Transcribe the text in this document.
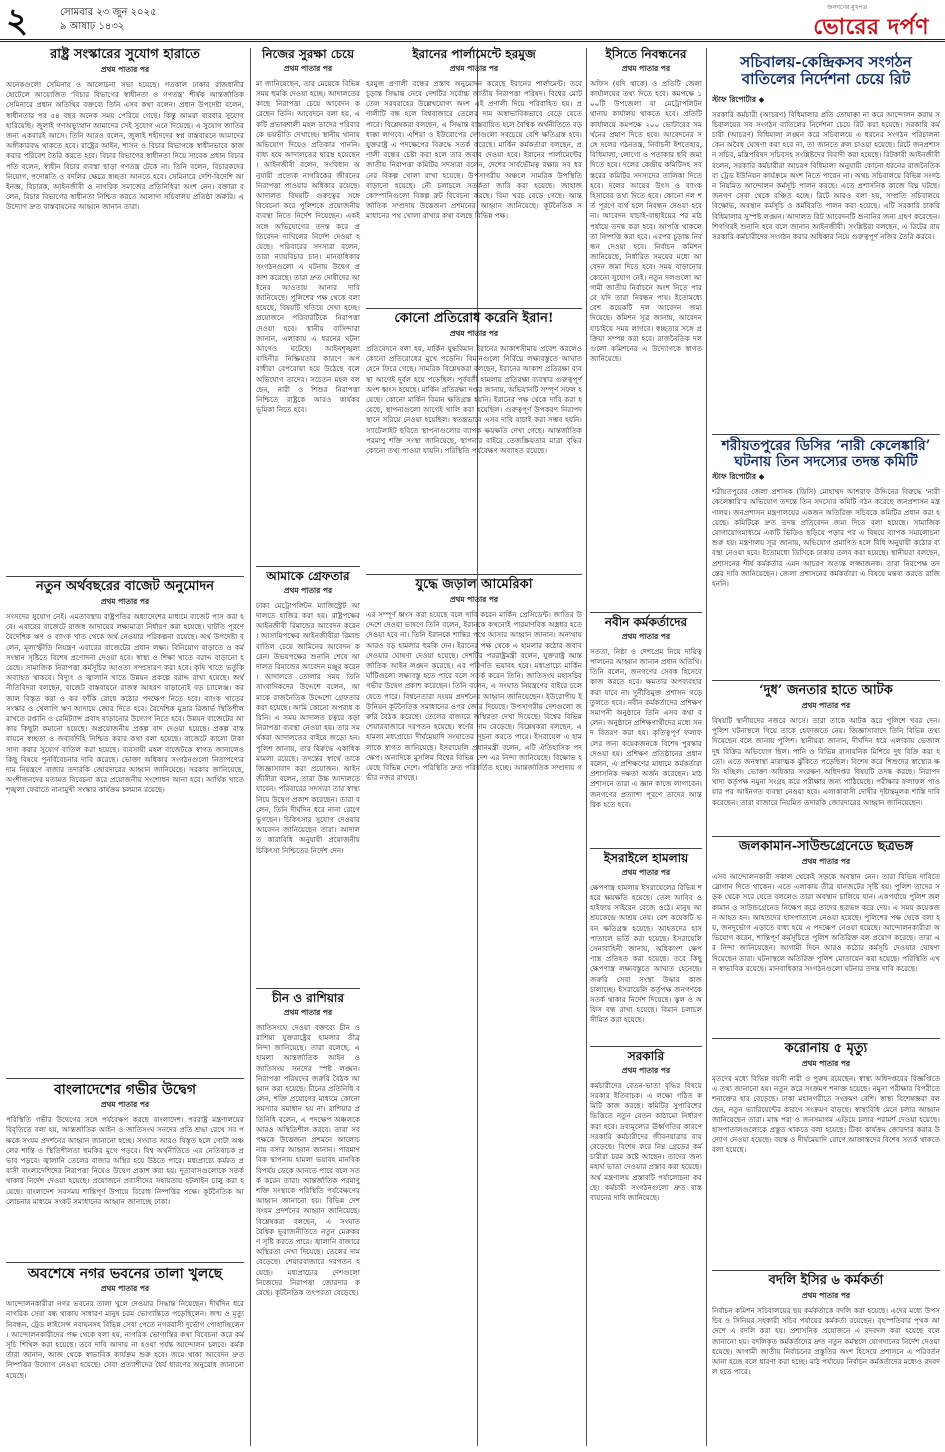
২	সোমবার ২৩ জুন ২০২৫
৯ আষাঢ় ১৪৩২
জনগণের মুখপত্র
ভোরের দর্পণ
রাষ্ট্র সংস্কারের সুযোগ হারাতে
প্রথম পাতার পর
অনেকগুলো সেমিনার ও আলোচনা সভা হয়েছে। গতকাল ঢাকার রাজধানীর হোটেলে আয়োজিত ‘বিচার বিভাগের স্বাধীনতা ও গণতন্ত্র’ শীর্ষক আন্তর্জাতিক সেমিনারে প্রধান অতিথির বক্তব্যে তিনি এসব কথা বলেন। প্রধান উপদেষ্টা বলেন, স্বাধীনতার পর ৫৪ বছর অনেক সময় পেরিয়ে গেছে। কিন্তু আমরা বারবার সুযোগ হারিয়েছি। জুলাই গণঅভ্যুত্থান আমাদের সেই সুযোগ এনে দিয়েছে। এ সুযোগ জাতির জন্য একবারই আসে। তিনি আরও বলেন, জুলাই শহীদদের স্বপ্ন বাস্তবায়নে আমাদের অঙ্গীকারবদ্ধ থাকতে হবে। রাষ্ট্রের আইন, শাসন ও বিচার বিভাগকে স্বাধীনভাবে কাজ করার পরিবেশ তৈরি করতে হবে। বিচার বিভাগের স্বাধীনতা নিয়ে সাবেক প্রধান বিচারপতি বলেন, স্বাধীন বিচার ব্যবস্থা ছাড়া গণতন্ত্র টেকে না। তিনি বলেন, বিচারকদের নিয়োগ, পদোন্নতি ও বদলির ক্ষেত্রে স্বচ্ছতা আনতে হবে। সেমিনারে দেশি-বিদেশি আইনজ্ঞ, বিচারক, আইনজীবী ও নাগরিক সমাজের প্রতিনিধিরা অংশ নেন। বক্তারা বলেন, বিচার বিভাগের স্বাধীনতা নিশ্চিত করতে আলাদা সচিবালয় প্রতিষ্ঠা জরুরি। এ উদ্যোগ দ্রুত বাস্তবায়নের আহ্বান জানান তারা।
নতুন অর্থবছরের বাজেট অনুমোদন
প্রথম পাতার পর
সংসদের সুযোগ নেই। এমতাবস্থায় রাষ্ট্রপতির অধ্যাদেশের মাধ্যমে বাজেট পাস করা হবে। এবারের বাজেটে রাজস্ব আদায়ের লক্ষ্যমাত্রা নির্ধারণ করা হয়েছে। ঘাটতি পূরণে বৈদেশিক ঋণ ও ব্যাংক খাত থেকে অর্থ নেওয়ার পরিকল্পনা রয়েছে। অর্থ উপদেষ্টা বলেন, মূল্যস্ফীতি নিয়ন্ত্রণ এবারের বাজেটের প্রধান লক্ষ্য। বিনিয়োগ বাড়াতে ও কর্মসংস্থান সৃষ্টিতে বিশেষ প্রণোদনা দেওয়া হবে। স্বাস্থ্য ও শিক্ষা খাতে বরাদ্দ বাড়ানো হয়েছে। সামাজিক নিরাপত্তা কর্মসূচির আওতা সম্প্রসারণ করা হবে। কৃষি খাতে ভর্তুকি অব্যাহত থাকবে। বিদ্যুৎ ও জ্বালানি খাতে উন্নয়ন প্রকল্পে বরাদ্দ রাখা হয়েছে। অর্থনীতিবিদরা বলছেন, বাজেট বাস্তবায়নে রাজস্ব আহরণ বাড়ানোই বড় চ্যালেঞ্জ। করজাল বিস্তৃত করা ও কর ফাঁকি রোধে কঠোর পদক্ষেপ নিতে হবে। ব্যাংক খাতের সংস্কার ও খেলাপি ঋণ আদায়ে জোর দিতে হবে। বৈদেশিক মুদ্রার রিজার্ভ স্থিতিশীল রাখতে রপ্তানি ও রেমিট্যান্স প্রবাহ বাড়ানোর উদ্যোগ নিতে হবে। উন্নয়ন বাজেটের আকার কিছুটা কমানো হয়েছে। অপ্রয়োজনীয় প্রকল্প বাদ দেওয়া হয়েছে। প্রকল্প বাস্তবায়নে স্বচ্ছতা ও জবাবদিহি নিশ্চিত করার কথা বলা হয়েছে। বাজেটে কালো টাকা সাদা করার সুযোগ বাতিল করা হয়েছে। ব্যবসায়ী মহল বাজেটকে স্বাগত জানালেও কিছু বিষয়ে পুনর্বিবেচনার দাবি করেছে। ভোক্তা অধিকার সংগঠনগুলো নিত্যপণ্যের দাম নিয়ন্ত্রণে বাজার তদারকি জোরদারের আহ্বান জানিয়েছে। সরকার জানিয়েছে, অংশীজনদের মতামত বিবেচনা করে প্রয়োজনীয় সংশোধন আনা হবে। আর্থিক খাতে শৃঙ্খলা ফেরাতে নানামুখী সংস্কার কার্যক্রম চলমান রয়েছে।
বাংলাদেশের গভীর উদ্বেগ
প্রথম পাতার পর
পরিস্থিতি গভীর উদ্বেগের সঙ্গে পর্যবেক্ষণ করছে বাংলাদেশ। পররাষ্ট্র মন্ত্রণালয়ের বিবৃতিতে বলা হয়, আন্তর্জাতিক আইন ও জাতিসংঘ সনদের প্রতি শ্রদ্ধা রেখে সব পক্ষকে সংযম প্রদর্শনের আহ্বান জানানো হচ্ছে। সংঘাত আরও বিস্তৃত হলে গোটা অঞ্চলের শান্তি ও স্থিতিশীলতা হুমকির মুখে পড়বে। বিশ্ব অর্থনীতিতে এর নেতিবাচক প্রভাব পড়বে। জ্বালানি তেলের বাজার অস্থির হয়ে উঠতে পারে। মধ্যপ্রাচ্যে কর্মরত প্রবাসী বাংলাদেশিদের নিরাপত্তা নিয়েও উদ্বেগ প্রকাশ করা হয়। দূতাবাসগুলোকে সতর্ক থাকার নির্দেশ দেওয়া হয়েছে। প্রয়োজনে প্রবাসীদের সহায়তায় হটলাইন চালু করা হয়েছে। বাংলাদেশ সবসময় শান্তিপূর্ণ উপায়ে বিরোধ নিষ্পত্তির পক্ষে। কূটনৈতিক আলোচনার মাধ্যমে সংকট সমাধানের আহ্বান জানাচ্ছে ঢাকা।
অবশেষে নগর ভবনের তালা খুলছে
প্রথম পাতার পর
আন্দোলনকারীরা নগর ভবনের তালা খুলে দেওয়ার সিদ্ধান্ত নিয়েছেন। দীর্ঘদিন ধরে নাগরিক সেবা বন্ধ থাকায় সাধারণ মানুষ চরম ভোগান্তিতে পড়েছিলেন। জন্ম ও মৃত্যু নিবন্ধন, ট্রেড লাইসেন্স নবায়নসহ বিভিন্ন সেবা পেতে নগরবাসী দুর্ভোগ পোহাচ্ছিলেন। আন্দোলনকারীদের পক্ষ থেকে বলা হয়, নাগরিক ভোগান্তির কথা বিবেচনা করে কর্মসূচি শিথিল করা হয়েছে। তবে দাবি আদায় না হওয়া পর্যন্ত আন্দোলন চলবে। কর্মকর্তারা জানান, আজ থেকে স্বাভাবিক কার্যক্রম শুরু হবে। জমে থাকা আবেদন দ্রুত নিষ্পত্তির উদ্যোগ নেওয়া হয়েছে। সেবা প্রত্যাশীদের ধৈর্য ধারণের অনুরোধ জানানো হয়েছে।
নিজের সুরক্ষা চেয়ে
প্রথম পাতার পর
মা জানিয়েছেন, তার মেয়েকে বিভিন্ন সময় হুমকি দেওয়া হচ্ছে। আদালতের কাছে নিরাপত্তা চেয়ে আবেদন করেছেন তিনি। আবেদনে বলা হয়, একটি প্রভাবশালী মহল তাদের পরিবারকে ভয়ভীতি দেখাচ্ছে। স্থানীয় থানায় অভিযোগ দিয়েও প্রতিকার পাননি। বাধ্য হয়ে আদালতের দ্বারস্থ হয়েছেন। আইনজীবী বলেন, সংবিধান অনুযায়ী প্রত্যেক নাগরিকের জীবনের নিরাপত্তা পাওয়ার অধিকার রয়েছে। আদালত বিষয়টি গুরুত্বের সঙ্গে বিবেচনা করে পুলিশকে প্রয়োজনীয় ব্যবস্থা নিতে নির্দেশ দিয়েছেন। একই সঙ্গে অভিযোগের তদন্ত করে প্রতিবেদন দাখিলের নির্দেশ দেওয়া হয়েছে। পরিবারের সদস্যরা বলেন, তারা ন্যায়বিচার চান। মানবাধিকার সংগঠনগুলো এ ঘটনায় উদ্বেগ প্রকাশ করেছে। তারা দ্রুত দোষীদের আইনের আওতায় আনার দাবি জানিয়েছে। পুলিশের পক্ষ থেকে বলা হয়েছে, বিষয়টি খতিয়ে দেখা হচ্ছে। প্রয়োজনে পরিবারটিকে নিরাপত্তা দেওয়া হবে। স্থানীয় বাসিন্দারা জানান, এলাকায় এ ধরনের ঘটনা আগেও ঘটেছে। আইনশৃঙ্খলা বাহিনীর নিষ্ক্রিয়তার কারণে অপরাধীরা বেপরোয়া হয়ে উঠেছে বলে অভিযোগ তাদের। সচেতন মহল বলছেন, নারী ও শিশুর নিরাপত্তা নিশ্চিতে রাষ্ট্রকে আরও কার্যকর ভূমিকা নিতে হবে।
আমাকে গ্রেফতার
প্রথম পাতার পর
ঢাকা মেট্রোপলিটন ম্যাজিস্ট্রেট আদালতে হাজির করা হয়। রাষ্ট্রপক্ষের আইনজীবী রিমান্ডের আবেদন করেন। আসামিপক্ষের আইনজীবীরা রিমান্ড বাতিল চেয়ে জামিনের আবেদন করেন। উভয়পক্ষের শুনানি শেষে আদালত রিমান্ডের আবেদন মঞ্জুর করেন। আদালতে তোলার সময় তিনি সাংবাদিকদের উদ্দেশে বলেন, আমাকে রাজনৈতিক উদ্দেশ্যে গ্রেফতার করা হয়েছে। আমি কোনো অপরাধ করিনি। এ সময় আদালত চত্বরে কড়া নিরাপত্তা ব্যবস্থা নেওয়া হয়। তার সমর্থকরা আদালতের বাইরে জড়ো হন। পুলিশ জানায়, তার বিরুদ্ধে একাধিক মামলা রয়েছে। তদন্তের স্বার্থে তাকে জিজ্ঞাসাবাদ করা প্রয়োজন। আইনজীবীরা বলেন, তারা উচ্চ আদালতে যাবেন। পরিবারের সদস্যরা তার স্বাস্থ্য নিয়ে উদ্বেগ প্রকাশ করেছেন। তারা বলেন, তিনি দীর্ঘদিন ধরে নানা রোগে ভুগছেন। চিকিৎসার সুযোগ দেওয়ার আবেদন জানিয়েছেন তারা। আদালত কারাবিধি অনুযায়ী প্রয়োজনীয় চিকিৎসা নিশ্চিতের নির্দেশ দেন।
চীন ও রাশিয়ার
প্রথম পাতার পর
জাতিসংঘে দেওয়া বক্তব্যে চীন ও রাশিয়া যুক্তরাষ্ট্রের হামলার তীব্র নিন্দা জানিয়েছে। তারা বলেছে, এ হামলা আন্তর্জাতিক আইন ও জাতিসংঘ সনদের স্পষ্ট লঙ্ঘন। নিরাপত্তা পরিষদের জরুরি বৈঠক আহ্বান করা হয়েছে। চীনের প্রতিনিধি বলেন, শক্তি প্রয়োগের মাধ্যমে কোনো সমস্যার সমাধান হয় না। রাশিয়ার প্রতিনিধি বলেন, এ পদক্ষেপ অঞ্চলকে আরও অস্থিতিশীল করবে। তারা সব পক্ষকে উত্তেজনা প্রশমনে আলোচনায় বসার আহ্বান জানান। পারমাণবিক স্থাপনায় হামলা ভয়াবহ মানবিক বিপর্যয় ডেকে আনতে পারে বলে সতর্ক করেন তারা। আন্তর্জাতিক পরমাণু শক্তি সংস্থাকে পরিস্থিতি পর্যবেক্ষণের আহ্বান জানানো হয়। বিভিন্ন দেশ সংযম প্রদর্শনের আহ্বান জানিয়েছে। বিশ্লেষকরা বলছেন, এ সংঘাত বৈশ্বিক ভূরাজনীতিতে নতুন মেরুকরণ সৃষ্টি করতে পারে। জ্বালানি বাজারে অস্থিরতা দেখা দিয়েছে। তেলের দাম বেড়েছে। শেয়ারবাজারে দরপতন হয়েছে। মধ্যপ্রাচ্যের দেশগুলো নিজেদের নিরাপত্তা জোরদার করেছে। কূটনৈতিক তৎপরতা বেড়েছে।
ইরানের পার্লামেন্টে হরমুজ
প্রথম পাতার পর
হরমুজ প্রণালী বন্ধের প্রস্তাব অনুমোদন করেছে ইরানের পার্লামেন্ট। তবে চূড়ান্ত সিদ্ধান্ত নেবে দেশটির সর্বোচ্চ জাতীয় নিরাপত্তা পরিষদ। বিশ্বের মোট তেল সরবরাহের উল্লেখযোগ্য অংশ এই প্রণালী দিয়ে পরিবাহিত হয়। প্রণালীটি বন্ধ হলে বিশ্ববাজারে তেলের দাম অস্বাভাবিকভাবে বেড়ে যেতে পারে। বিশ্লেষকরা বলছেন, এ সিদ্ধান্ত বাস্তবায়িত হলে বৈশ্বিক অর্থনীতিতে বড় ধাক্কা লাগবে। এশিয়া ও ইউরোপের দেশগুলো সবচেয়ে বেশি ক্ষতিগ্রস্ত হবে। যুক্তরাষ্ট্র এ পদক্ষেপের বিরুদ্ধে সতর্ক করেছে। মার্কিন কর্মকর্তারা বলছেন, প্রণালী বন্ধের চেষ্টা করা হলে তার জবাব দেওয়া হবে। ইরানের পার্লামেন্টের জাতীয় নিরাপত্তা কমিটির সদস্যরা বলেন, দেশের সার্বভৌমত্ব রক্ষায় সব ধরনের বিকল্প খোলা রাখা হয়েছে। উপসাগরীয় অঞ্চলে সামরিক উপস্থিতি বাড়ানো হয়েছে। নৌ চলাচলে সতর্কতা জারি করা হয়েছে। জাহাজ কোম্পানিগুলো বিকল্প রুট বিবেচনা করছে। বিমা খরচ বেড়ে গেছে। আন্তর্জাতিক সম্প্রদায় উত্তেজনা প্রশমনের আহ্বান জানিয়েছে। কূটনৈতিক সমাধানের পথ খোলা রাখার কথা বলছে বিভিন্ন পক্ষ।
কোনো প্রতিরোধ করেনি ইরান!
প্রথম পাতার পর
প্রতিবেদনে বলা হয়, মার্কিন যুদ্ধবিমান ইরানের আকাশসীমায় প্রবেশ করলেও কোনো প্রতিরোধের মুখে পড়েনি। বিমানগুলো নির্বিঘ্নে লক্ষ্যবস্তুতে আঘাত হেনে ফিরে গেছে। সামরিক বিশ্লেষকরা বলছেন, ইরানের আকাশ প্রতিরক্ষা ব্যবস্থা আগেই দুর্বল হয়ে পড়েছিল। পূর্ববর্তী হামলায় প্রতিরক্ষা ব্যবস্থার গুরুত্বপূর্ণ অংশ ধ্বংস হয়েছে। মার্কিন প্রতিরক্ষা দপ্তর জানায়, অভিযানটি সম্পূর্ণ সফল হয়েছে। কোনো মার্কিন বিমান ক্ষতিগ্রস্ত হয়নি। ইরানের পক্ষ থেকে দাবি করা হয়েছে, স্থাপনাগুলো আগেই খালি করা হয়েছিল। গুরুত্বপূর্ণ উপকরণ নিরাপদ স্থানে সরিয়ে নেওয়া হয়েছিল। স্বতন্ত্রভাবে এসব দাবি যাচাই করা সম্ভব হয়নি। স্যাটেলাইট ছবিতে স্থাপনাগুলোর ব্যাপক ক্ষয়ক্ষতি দেখা গেছে। আন্তর্জাতিক পরমাণু শক্তি সংস্থা জানিয়েছে, স্থাপনার বাইরে তেজস্ক্রিয়তার মাত্রা বৃদ্ধির কোনো তথ্য পাওয়া যায়নি। পরিস্থিতি পর্যবেক্ষণ অব্যাহত রয়েছে।
যুদ্ধে জড়াল আমেরিকা
প্রথম পাতার পর
এর সম্পূর্ণ ধ্বংস করা হয়েছে বলে দাবি করেন মার্কিন প্রেসিডেন্ট। জাতির উদ্দেশে দেওয়া ভাষণে তিনি বলেন, ইরানকে কখনোই পারমাণবিক অস্ত্রধর হতে দেওয়া হবে না। তিনি ইরানকে শান্তির পথে আসার আহ্বান জানান। অন্যথায় আরও বড় হামলার হুমকি দেন। ইরানের পক্ষ থেকে এ হামলার কঠোর জবাব দেওয়ার ঘোষণা দেওয়া হয়েছে। দেশটির পররাষ্ট্রমন্ত্রী বলেন, যুক্তরাষ্ট্র আন্তর্জাতিক আইন লঙ্ঘন করেছে। এর পরিণতি ভয়াবহ হবে। মধ্যপ্রাচ্যে মার্কিন ঘাঁটিগুলো লক্ষ্যবস্তু হতে পারে বলে সতর্ক করেন তিনি। জাতিসংঘ মহাসচিব গভীর উদ্বেগ প্রকাশ করেছেন। তিনি বলেন, এ সংঘাত নিয়ন্ত্রণের বাইরে চলে যেতে পারে। বিশ্বনেতারা সংযম প্রদর্শনের আহ্বান জানিয়েছেন। ইউরোপীয় ইউনিয়ন কূটনৈতিক সমাধানের ওপর জোর দিয়েছে। উপসাগরীয় দেশগুলো জরুরি বৈঠক করেছে। তেলের বাজারে অস্থিরতা দেখা দিয়েছে। বিশ্বের বিভিন্ন শেয়ারবাজারে দরপতন হয়েছে। স্বর্ণের দাম বেড়েছে। বিশ্লেষকরা বলছেন, এ হামলা মধ্যপ্রাচ্যে দীর্ঘমেয়াদি সংঘাতের সূচনা করতে পারে। ইসরায়েল এ হামলাকে স্বাগত জানিয়েছে। ইসরায়েলি প্রধানমন্ত্রী বলেন, এটি ঐতিহাসিক পদক্ষেপ। অন্যদিকে মুসলিম বিশ্বের বিভিন্ন দেশ এর নিন্দা জানিয়েছে। বিক্ষোভ হয়েছে বিভিন্ন দেশে। পরিস্থিতি দ্রুত পরিবর্তিত হচ্ছে। আন্তর্জাতিক সম্প্রদায় গভীর নজর রাখছে।
ইসিতে নিবন্ধনের
প্রথম পাতার পর
অফিস (যদি থাকে) ও প্রতিটি জেলা কার্যালয়ের তথ্য দিতে হবে। কমপক্ষে ১০০টি উপজেলা বা মেট্রোপলিটন থানায় কার্যালয় থাকতে হবে। প্রতিটি কার্যালয়ে কমপক্ষে ২০০ ভোটারের সমর্থনের প্রমাণ দিতে হবে। আবেদনের সঙ্গে দলের গঠনতন্ত্র, নির্বাচনী ইশতেহার, বিধিমালা, লোগো ও পতাকার ছবি জমা দিতে হবে। দলের কেন্দ্রীয় কমিটিসহ সব স্তরের কমিটির সদস্যদের তালিকা দিতে হবে। দলের আয়ের উৎস ও ব্যাংক হিসাবের তথ্য দিতে হবে। কোনো দল শর্ত পূরণে ব্যর্থ হলে নিবন্ধন দেওয়া হবে না। আবেদন যাচাই-বাছাইয়ের পর মাঠ পর্যায়ে তদন্ত করা হবে। আপত্তি থাকলে তা নিষ্পত্তি করা হবে। এরপর চূড়ান্ত নিবন্ধন দেওয়া হবে। নির্বাচন কমিশন জানিয়েছে, নির্ধারিত সময়ের মধ্যে আবেদন জমা দিতে হবে। সময় বাড়ানোর কোনো সুযোগ নেই। নতুন দলগুলো আগামী জাতীয় নির্বাচনে অংশ নিতে পারবে যদি তারা নিবন্ধন পায়। ইতোমধ্যে বেশ কয়েকটি দল আবেদন জমা দিয়েছে। কমিশন সূত্র জানায়, আবেদন যাচাইয়ে সময় লাগবে। স্বচ্ছতার সঙ্গে প্রক্রিয়া সম্পন্ন করা হবে। রাজনৈতিক দলগুলো কমিশনের এ উদ্যোগকে স্বাগত জানিয়েছে।
নবীন কর্মকর্তাদের
প্রথম পাতার পর
সততা, নিষ্ঠা ও দেশপ্রেম নিয়ে দায়িত্ব পালনের আহ্বান জানান প্রধান অতিথি। তিনি বলেন, জনগণের সেবক হিসেবে কাজ করতে হবে। ক্ষমতার অপব্যবহার করা যাবে না। দুর্নীতিমুক্ত প্রশাসন গড়ে তুলতে হবে। নবীন কর্মকর্তাদের প্রশিক্ষণ সমাপনী অনুষ্ঠানে তিনি এসব কথা বলেন। অনুষ্ঠানে প্রশিক্ষণার্থীদের মধ্যে সনদ বিতরণ করা হয়। কৃতিত্বপূর্ণ ফলাফলের জন্য কয়েকজনকে বিশেষ পুরস্কার দেওয়া হয়। প্রশিক্ষণ প্রতিষ্ঠানের প্রধান বলেন, এ প্রশিক্ষণের মাধ্যমে কর্মকর্তারা প্রশাসনিক দক্ষতা অর্জন করেছেন। মাঠ প্রশাসনে তারা এ জ্ঞান কাজে লাগাবেন। জনগণের প্রত্যাশা পূরণে তাদের আন্তরিক হতে হবে।
ইসরাইলে হামলায়
প্রথম পাতার পর
ক্ষেপণাস্ত্র হামলায় ইসরায়েলের বিভিন্ন শহরে ক্ষয়ক্ষতি হয়েছে। তেল আবিব ও হাইফায় সাইরেন বেজে ওঠে। মানুষ আশ্রয়কেন্দ্রে আশ্রয় নেয়। বেশ কয়েকটি ভবন ক্ষতিগ্রস্ত হয়েছে। আহতদের হাসপাতালে ভর্তি করা হয়েছে। ইসরায়েলি সেনাবাহিনী জানায়, অধিকাংশ ক্ষেপণাস্ত্র প্রতিহত করা হয়েছে। তবে কিছু ক্ষেপণাস্ত্র লক্ষ্যবস্তুতে আঘাত হেনেছে। জরুরি সেবা সংস্থা উদ্ধার কাজ চালাচ্ছে। ইসরায়েলি কর্তৃপক্ষ জনগণকে সতর্ক থাকার নির্দেশ দিয়েছে। স্কুল ও অফিস বন্ধ রাখা হয়েছে। বিমান চলাচল সীমিত করা হয়েছে।
সরকারি
প্রথম পাতার পর
কর্মচারীদের বেতন-ভাতা বৃদ্ধির বিষয়ে সরকার ইতিবাচক। এ লক্ষ্যে গঠিত কমিটি কাজ করছে। কমিটির সুপারিশের ভিত্তিতে নতুন বেতন কাঠামো নির্ধারণ করা হবে। দ্রব্যমূল্যের ঊর্ধ্বগতির কারণে সরকারি কর্মচারীদের জীবনযাত্রার ব্যয় বেড়েছে। বিশেষ করে নিম্ন গ্রেডের কর্মচারীরা চরম কষ্টে আছেন। তাদের জন্য মহার্ঘ ভাতা দেওয়ার প্রস্তাব করা হয়েছে। অর্থ মন্ত্রণালয় প্রস্তাবটি পর্যালোচনা করছে। কর্মচারী সংগঠনগুলো দ্রুত বাস্তবায়নের দাবি জানিয়েছে।
সচিবালয়-কেন্দ্রিকসব সংগঠন বাতিলের নির্দেশনা চেয়ে রিট
স্টাফ রিপোর্টার ◆
সরকারি কর্মচারী (আচরণ) বিধিমালার প্রতি তোয়াক্কা না করে আন্দোলন করায় সচিবালয়ের সব সংগঠন বাতিলের নির্দেশনা চেয়ে রিট করা হয়েছে। সরকারি কর্মচারী (আচরণ) বিধিমালা লঙ্ঘন করে সচিবালয়ে এ ধরনের সংগঠন পরিচালনা কেন অবৈধ ঘোষণা করা হবে না, তা জানতে রুল চাওয়া হয়েছে। রিটে জনপ্রশাসন সচিব, মন্ত্রিপরিষদ সচিবসহ সংশ্লিষ্টদের বিবাদী করা হয়েছে। রিটকারী আইনজীবী বলেন, সরকারি কর্মচারীরা আচরণ বিধিমালা অনুযায়ী কোনো ধরনের রাজনৈতিক বা ট্রেড ইউনিয়ন কার্যক্রমে অংশ নিতে পারেন না। অথচ সচিবালয়ে বিভিন্ন সংগঠন নিয়মিত আন্দোলন কর্মসূচি পালন করছে। এতে প্রশাসনিক কাজে বিঘ্ন ঘটছে। জনগণ সেবা থেকে বঞ্চিত হচ্ছে। রিটে আরও বলা হয়, সম্প্রতি সচিবালয়ে বিক্ষোভ, অবস্থান কর্মসূচি ও কর্মবিরতি পালন করা হয়েছে। এটি সরকারি চাকরি বিধিমালার সুস্পষ্ট লঙ্ঘন। আদালত রিট আবেদনটি শুনানির জন্য গ্রহণ করেছেন। শিগগিরই শুনানি হবে বলে জানান আইনজীবী। সংশ্লিষ্টরা বলছেন, এ রিটের রায় সরকারি কর্মচারীদের সংগঠন করার অধিকার নিয়ে গুরুত্বপূর্ণ নজির তৈরি করবে।
শরীয়তপুরের ডিসির ‘নারী কেলেঙ্কারি’ ঘটনায় তিন সদস্যের তদন্ত কমিটি
স্টাফ রিপোর্টার ◆
শরীয়তপুরের জেলা প্রশাসক (ডিসি) মোহাম্মদ আশরাফ উদ্দিনের বিরুদ্ধে ‘নারী কেলেঙ্কারি’র অভিযোগ তদন্তে তিন সদস্যের কমিটি গঠন করেছে জনপ্রশাসন মন্ত্রণালয়। জনপ্রশাসন মন্ত্রণালয়ের একজন অতিরিক্ত সচিবকে কমিটির প্রধান করা হয়েছে। কমিটিকে দ্রুত তদন্ত প্রতিবেদন জমা দিতে বলা হয়েছে। সামাজিক যোগাযোগমাধ্যমে একটি ভিডিও ছড়িয়ে পড়ার পর এ বিষয়ে ব্যাপক সমালোচনা শুরু হয়। মন্ত্রণালয় সূত্র জানায়, অভিযোগ প্রমাণিত হলে বিধি অনুযায়ী কঠোর ব্যবস্থা নেওয়া হবে। ইতোমধ্যে ডিসিকে ঢাকায় তলব করা হয়েছে। স্থানীয়রা বলছেন, প্রশাসনের শীর্ষ কর্মকর্তার এমন আচরণ অত্যন্ত লজ্জাজনক। তারা নিরপেক্ষ তদন্তের দাবি জানিয়েছেন। জেলা প্রশাসনের কর্মকর্তারা এ বিষয়ে মন্তব্য করতে রাজি হননি।
‘দুধ’ জনতার হাতে আটক
প্রথম পাতার পর
বিষয়টি স্থানীয়দের নজরে আসে। তারা তাকে আটক করে পুলিশে খবর দেন। পুলিশ ঘটনাস্থলে গিয়ে তাকে হেফাজতে নেয়। জিজ্ঞাসাবাদে তিনি বিভিন্ন তথ্য দিয়েছেন বলে জানায় পুলিশ। স্থানীয়রা জানান, দীর্ঘদিন ধরে এলাকায় ভেজাল দুধ বিক্রির অভিযোগ ছিল। পানি ও বিভিন্ন রাসায়নিক মিশিয়ে দুধ বিক্রি করা হতো। এতে জনস্বাস্থ্য মারাত্মক ঝুঁকিতে পড়েছিল। বিশেষ করে শিশুদের স্বাস্থ্যের ক্ষতি হচ্ছিল। ভোক্তা অধিকার সংরক্ষণ অধিদপ্তর বিষয়টি তদন্ত করছে। নিরাপদ খাদ্য কর্তৃপক্ষ নমুনা সংগ্রহ করে পরীক্ষার জন্য পাঠিয়েছে। পরীক্ষার ফলাফল পাওয়ার পর আইনগত ব্যবস্থা নেওয়া হবে। এলাকাবাসী দোষীর দৃষ্টান্তমূলক শাস্তি দাবি করেছেন। তারা বাজারে নিয়মিত তদারকি জোরদারের আহ্বান জানিয়েছেন।
জলকামান-সাউন্ডগ্রেনেডে ছত্রভঙ্গ
প্রথম পাতার পর
এসব আন্দোলনকারী সকাল থেকেই সড়কে অবস্থান নেন। তারা বিভিন্ন দাবিতে স্লোগান দিতে থাকেন। এতে এলাকায় তীব্র যানজটের সৃষ্টি হয়। পুলিশ তাদের সড়ক থেকে সরে যেতে বললেও তারা অবস্থান চালিয়ে যান। একপর্যায়ে পুলিশ জলকামান ও সাউন্ডগ্রেনেড নিক্ষেপ করে তাদের ছত্রভঙ্গ করে দেয়। এ সময় কয়েকজন আহত হন। আহতদের হাসপাতালে নেওয়া হয়েছে। পুলিশের পক্ষ থেকে বলা হয়, জনদুর্ভোগ এড়াতে বাধ্য হয়ে এ পদক্ষেপ নেওয়া হয়েছে। আন্দোলনকারীরা অভিযোগ করেন, শান্তিপূর্ণ কর্মসূচিতে পুলিশ অতিরিক্ত বল প্রয়োগ করেছে। তারা এর নিন্দা জানিয়েছেন। আগামী দিনে আরও কঠোর কর্মসূচি দেওয়ার ঘোষণা দিয়েছেন তারা। ঘটনাস্থলে অতিরিক্ত পুলিশ মোতায়েন করা হয়েছে। পরিস্থিতি এখন স্বাভাবিক রয়েছে। মানবাধিকার সংগঠনগুলো ঘটনার তদন্ত দাবি করেছে।
করোনায় ৫ মৃত্যু
প্রথম পাতার পর
মৃতদের মধ্যে বিভিন্ন বয়সী নারী ও পুরুষ রয়েছেন। স্বাস্থ্য অধিদপ্তরের বিজ্ঞপ্তিতে এ তথ্য জানানো হয়। নতুন করে সংক্রমণ শনাক্ত হয়েছে। নমুনা পরীক্ষার বিপরীতে শনাক্তের হার বেড়েছে। ঢাকা মহানগরীতে সংক্রমণ বেশি। স্বাস্থ্য বিশেষজ্ঞরা বলছেন, নতুন ভ্যারিয়েন্টের কারণে সংক্রমণ বাড়ছে। স্বাস্থ্যবিধি মেনে চলার আহ্বান জানিয়েছেন তারা। মাস্ক পরা ও জনসমাগম এড়িয়ে চলার পরামর্শ দেওয়া হয়েছে। হাসপাতালগুলোকে প্রস্তুত থাকতে বলা হয়েছে। টিকা কার্যক্রম জোরদার করার উদ্যোগ নেওয়া হয়েছে। বয়স্ক ও দীর্ঘমেয়াদি রোগে আক্রান্তদের বিশেষ সতর্ক থাকতে বলা হয়েছে।
বদলি ইসির ৬ কর্মকর্তা
প্রথম পাতার পর
নির্বাচন কমিশন সচিবালয়ের ছয় কর্মকর্তাকে বদলি করা হয়েছে। এদের মধ্যে উপসচিব ও সিনিয়র সহকারী সচিব পর্যায়ের কর্মকর্তা রয়েছেন। বৃহস্পতিবার পৃথক আদেশে এ বদলি করা হয়। প্রশাসনিক প্রয়োজনে এ রদবদল করা হয়েছে বলে জানানো হয়। বদলিকৃত কর্মকর্তাদের দ্রুত নতুন কর্মস্থলে যোগদানের নির্দেশ দেওয়া হয়েছে। আগামী জাতীয় নির্বাচনের প্রস্তুতির অংশ হিসেবে প্রশাসনে এ পরিবর্তন আনা হচ্ছে বলে ধারণা করা হচ্ছে। মাঠ পর্যায়ের নির্বাচন কর্মকর্তাদের মধ্যেও রদবদল হতে পারে।
